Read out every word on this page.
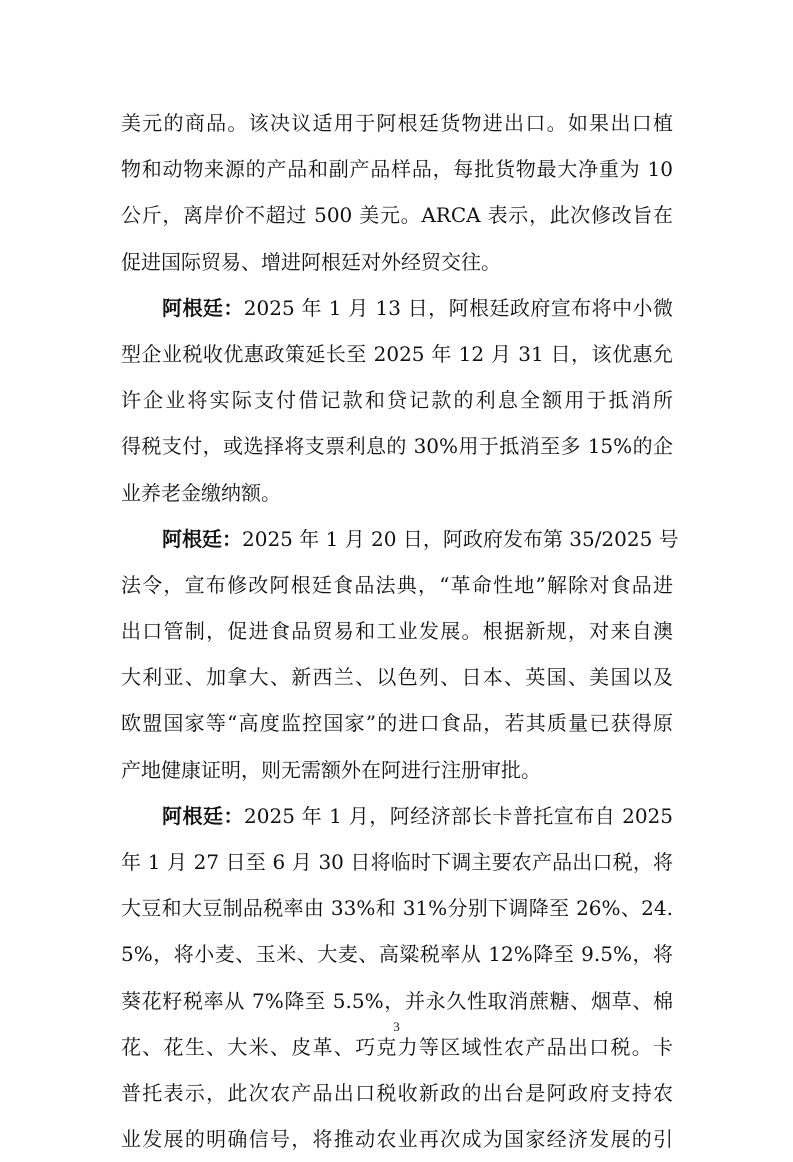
美元的商品。该决议适用于阿根廷货物进出口。如果出口植
物和动物来源的产品和副产品样品，每批货物最大净重为 10
公斤，离岸价不超过 500 美元。ARCA 表示，此次修改旨在
促进国际贸易、增进阿根廷对外经贸交往。
阿根廷：2025 年 1 月 13 日，阿根廷政府宣布将中小微
型企业税收优惠政策延长至 2025 年 12 月 31 日，该优惠允
许企业将实际支付借记款和贷记款的利息全额用于抵消所
得税支付，或选择将支票利息的 30%用于抵消至多 15%的企
业养老金缴纳额。
阿根廷：2025 年 1 月 20 日，阿政府发布第 35/2025 号
法令，宣布修改阿根廷食品法典，“革命性地”解除对食品进
出口管制，促进食品贸易和工业发展。根据新规，对来自澳
大利亚、加拿大、新西兰、以色列、日本、英国、美国以及
欧盟国家等“高度监控国家”的进口食品，若其质量已获得原
产地健康证明，则无需额外在阿进行注册审批。
阿根廷：2025 年 1 月，阿经济部长卡普托宣布自 2025
年 1 月 27 日至 6 月 30 日将临时下调主要农产品出口税，将
大豆和大豆制品税率由 33%和 31%分别下调降至 26%、24.
5%，将小麦、玉米、大麦、高粱税率从 12%降至 9.5%，将
葵花籽税率从 7%降至 5.5%，并永久性取消蔗糖、烟草、棉
花、花生、大米、皮革、巧克力等区域性农产品出口税。卡
普托表示，此次农产品出口税收新政的出台是阿政府支持农
业发展的明确信号，将推动农业再次成为国家经济发展的引
3
